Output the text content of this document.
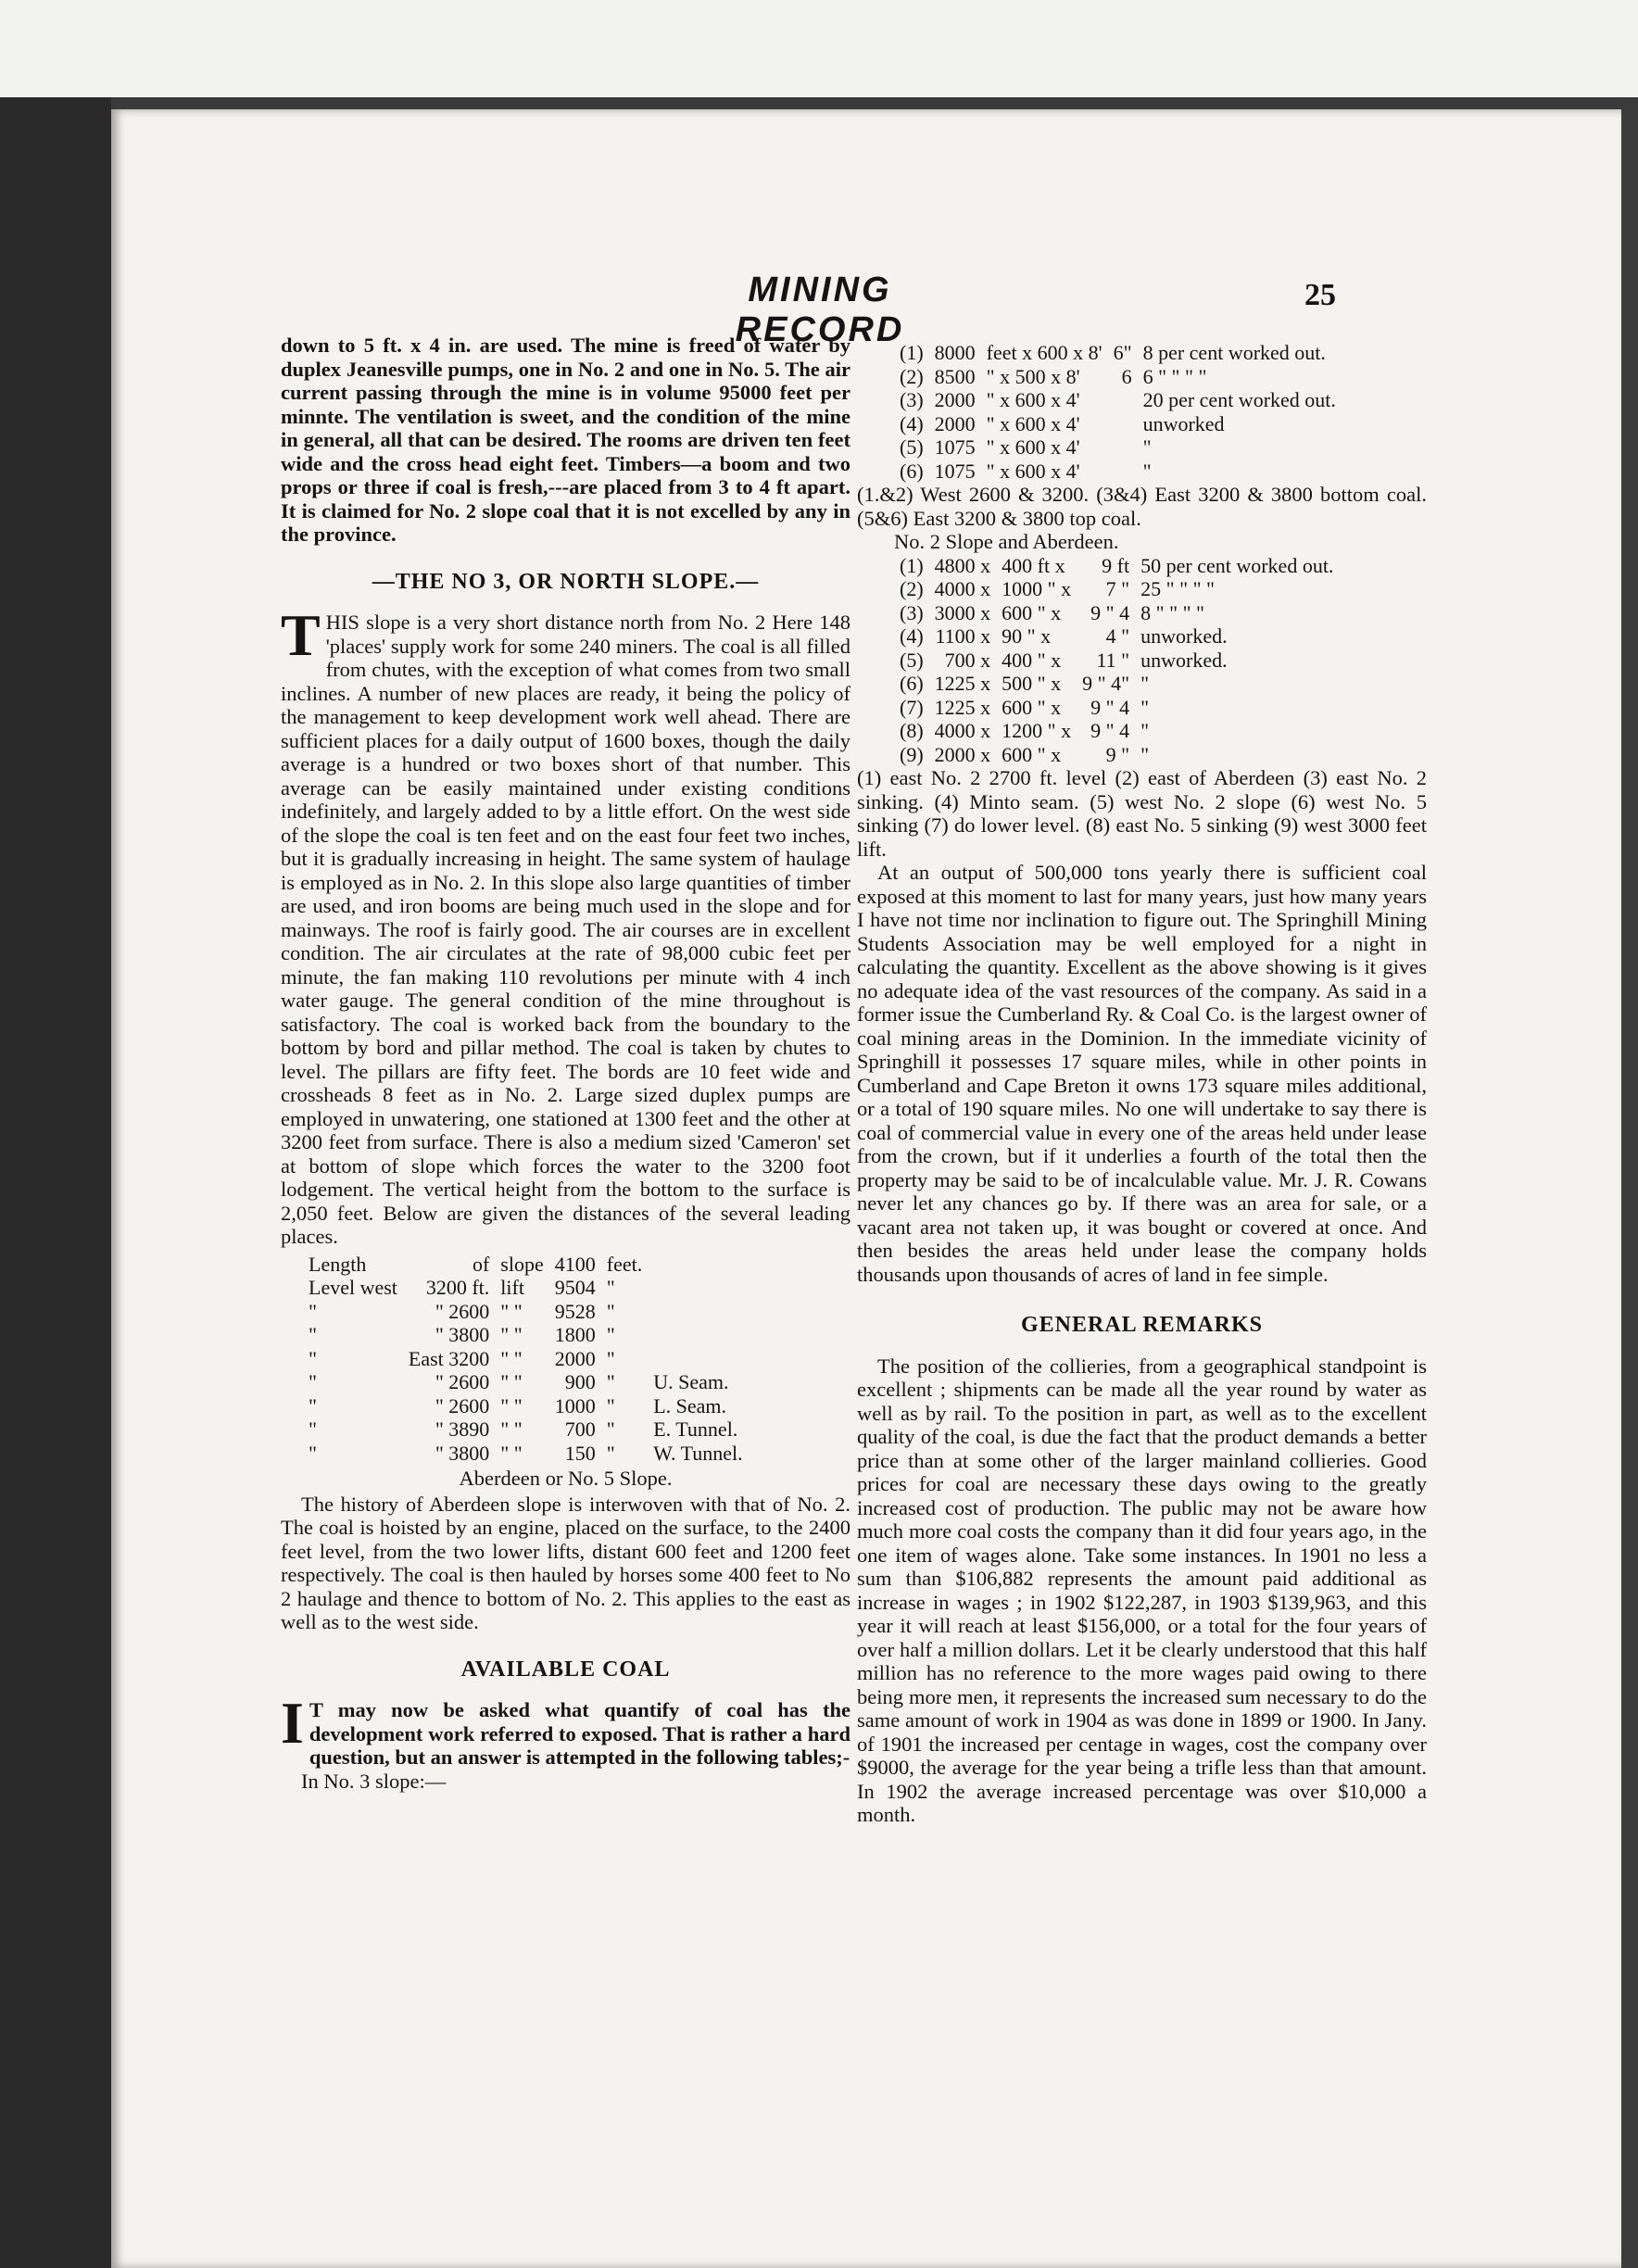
MINING RECORD
25

down to 5 ft. x 4 in. are used. The mine is freed of water by duplex Jeanesville pumps, one in No. 2 and one in No. 5. The air current passing through the mine is in volume 95000 feet per minnte. The ventilation is sweet, and the condition of the mine in general, all that can be desired. The rooms are driven ten feet wide and the cross head eight feet. Timbers—a boom and two props or three if coal is fresh,---are placed from 3 to 4 ft apart. It is claimed for No. 2 slope coal that it is not excelled by any in the province.

—THE NO 3, OR NORTH SLOPE.—

T HIS slope is a very short distance north from No. 2 Here 148 'places' supply work for some 240 miners. The coal is all filled from chutes, with the exception of what comes from two small inclines. A number of new places are ready, it being the policy of the management to keep development work well ahead. There are sufficient places for a daily output of 1600 boxes, though the daily average is a hundred or two boxes short of that number. This average can be easily maintained under existing conditions indefinitely, and largely added to by a little effort. On the west side of the slope the coal is ten feet and on the east four feet two inches, but it is gradually increasing in height. The same system of haulage is employed as in No. 2. In this slope also large quantities of timber are used, and iron booms are being much used in the slope and for mainways. The roof is fairly good. The air courses are in excellent condition. The air circulates at the rate of 98,000 cubic feet per minute, the fan making 110 revolutions per minute with 4 inch water gauge. The general condition of the mine throughout is satisfactory. The coal is worked back from the boundary to the bottom by bord and pillar method. The coal is taken by chutes to level. The pillars are fifty feet. The bords are 10 feet wide and crossheads 8 feet as in No. 2. Large sized duplex pumps are employed in unwatering, one stationed at 1300 feet and the other at 3200 feet from surface. There is also a medium sized 'Cameron' set at bottom of slope which forces the water to the 3200 foot lodgement. The vertical height from the bottom to the surface is 2,050 feet. Below are given the distances of the several leading places.

Length	of	slope	4100	feet.	
Level west	3200 ft.	lift	9504	"	
"	" 2600	" "	9528	"	
"	" 3800	" "	1800	"	
"	East 3200	" "	2000	"	
"	" 2600	" "	900	"	U. Seam.
"	" 2600	" "	1000	"	L. Seam.
"	" 3890	" "	700	"	E. Tunnel.
"	" 3800	" "	150	"	W. Tunnel.
Aberdeen or No. 5 Slope.

The history of Aberdeen slope is interwoven with that of No. 2. The coal is hoisted by an engine, placed on the surface, to the 2400 feet level, from the two lower lifts, distant 600 feet and 1200 feet respectively. The coal is then hauled by horses some 400 feet to No 2 haulage and thence to bottom of No. 2. This applies to the east as well as to the west side.

AVAILABLE COAL

I T may now be asked what quantify of coal has the development work referred to exposed. That is rather a hard question, but an answer is attempted in the following tables;-

In No. 3 slope:—

(1)	8000	feet x 600 x 8'	6"	8 per cent worked out.
(2)	8500	" x 500 x 8'	6	6 " " " "
(3)	2000	" x 600 x 4'		20 per cent worked out.
(4)	2000	" x 600 x 4'		unworked
(5)	1075	" x 600 x 4'		"
(6)	1075	" x 600 x 4'		"

(1.&2) West 2600 & 3200. (3&4) East 3200 & 3800 bottom coal. (5&6) East 3200 & 3800 top coal.

No. 2 Slope and Aberdeen.
(1)	4800 x	400 ft x	9 ft	50 per cent worked out.
(2)	4000 x	1000 " x	7 "	25 " " " "
(3)	3000 x	600 " x	9 " 4	8 " " " "
(4)	1100 x	90 " x	4 "	unworked.
(5)	700 x	400 " x	11 "	unworked.
(6)	1225 x	500 " x	9 " 4"	"
(7)	1225 x	600 " x	9 " 4	"
(8)	4000 x	1200 " x	9 " 4	"
(9)	2000 x	600 " x	9 "	"

(1) east No. 2 2700 ft. level (2) east of Aberdeen (3) east No. 2 sinking. (4) Minto seam. (5) west No. 2 slope (6) west No. 5 sinking (7) do lower level. (8) east No. 5 sinking (9) west 3000 feet lift.

At an output of 500,000 tons yearly there is sufficient coal exposed at this moment to last for many years, just how many years I have not time nor inclination to figure out. The Springhill Mining Students Association may be well employed for a night in calculating the quantity. Excellent as the above showing is it gives no adequate idea of the vast resources of the company. As said in a former issue the Cumberland Ry. & Coal Co. is the largest owner of coal mining areas in the Dominion. In the immediate vicinity of Springhill it possesses 17 square miles, while in other points in Cumberland and Cape Breton it owns 173 square miles additional, or a total of 190 square miles. No one will undertake to say there is coal of commercial value in every one of the areas held under lease from the crown, but if it underlies a fourth of the total then the property may be said to be of incalculable value. Mr. J. R. Cowans never let any chances go by. If there was an area for sale, or a vacant area not taken up, it was bought or covered at once. And then besides the areas held under lease the company holds thousands upon thousands of acres of land in fee simple.

GENERAL REMARKS

The position of the collieries, from a geographical standpoint is excellent ; shipments can be made all the year round by water as well as by rail. To the position in part, as well as to the excellent quality of the coal, is due the fact that the product demands a better price than at some other of the larger mainland collieries. Good prices for coal are necessary these days owing to the greatly increased cost of production. The public may not be aware how much more coal costs the company than it did four years ago, in the one item of wages alone. Take some instances. In 1901 no less a sum than $106,882 represents the amount paid additional as increase in wages ; in 1902 $122,287, in 1903 $139,963, and this year it will reach at least $156,000, or a total for the four years of over half a million dollars. Let it be clearly understood that this half million has no reference to the more wages paid owing to there being more men, it represents the increased sum necessary to do the same amount of work in 1904 as was done in 1899 or 1900. In Jany. of 1901 the increased per centage in wages, cost the company over $9000, the average for the year being a trifle less than that amount. In 1902 the average increased percentage was over $10,000 a month.
